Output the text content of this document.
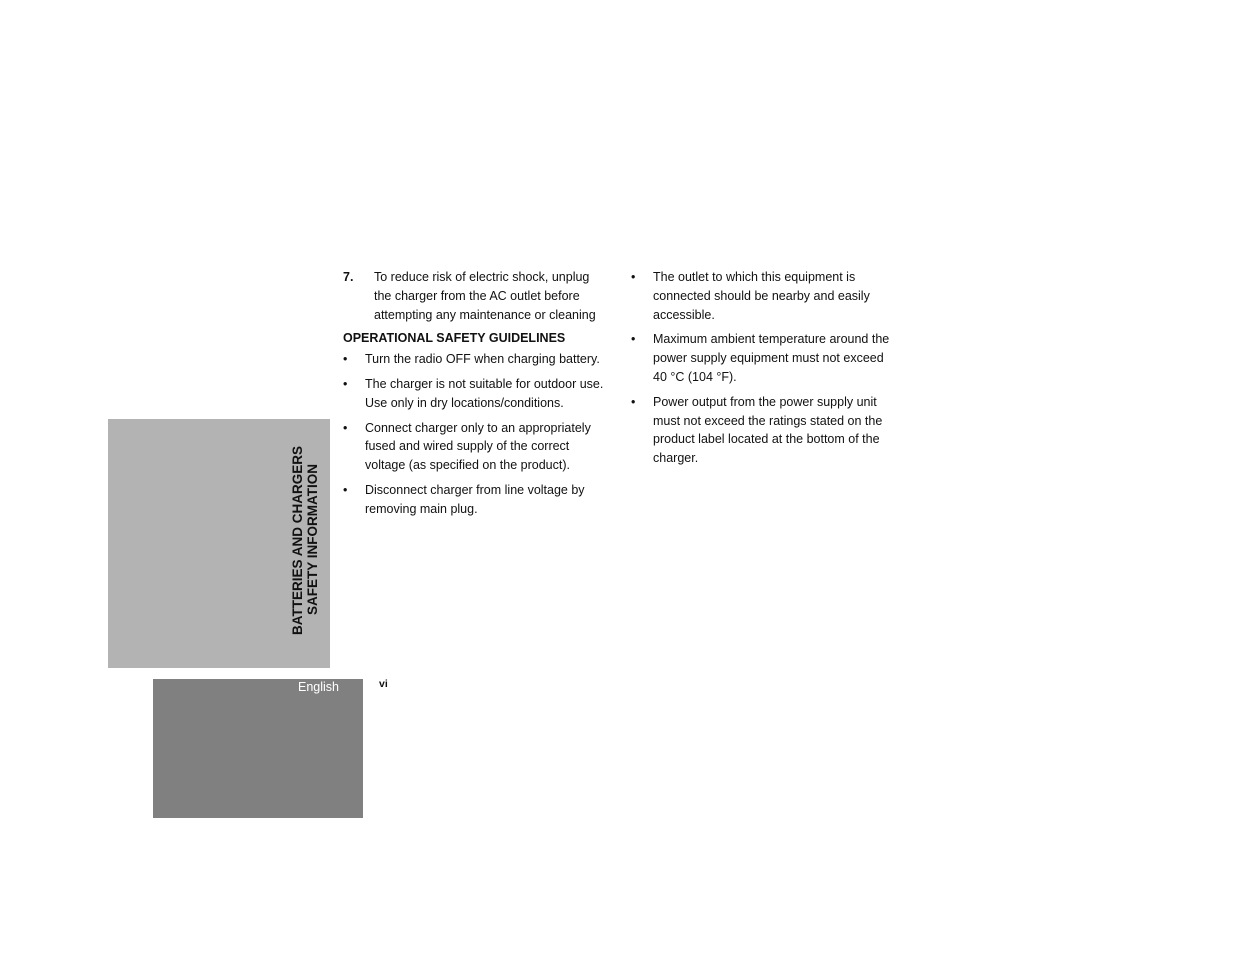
BATTERIES AND CHARGERS SAFETY INFORMATION
English	vi
7. To reduce risk of electric shock, unplug the charger from the AC outlet before attempting any maintenance or cleaning
OPERATIONAL SAFETY GUIDELINES
• Turn the radio OFF when charging battery.
• The charger is not suitable for outdoor use. Use only in dry locations/conditions.
• Connect charger only to an appropriately fused and wired supply of the correct voltage (as specified on the product).
• Disconnect charger from line voltage by removing main plug.
• The outlet to which this equipment is connected should be nearby and easily accessible.
• Maximum ambient temperature around the power supply equipment must not exceed 40 °C (104 °F).
• Power output from the power supply unit must not exceed the ratings stated on the product label located at the bottom of the charger.
